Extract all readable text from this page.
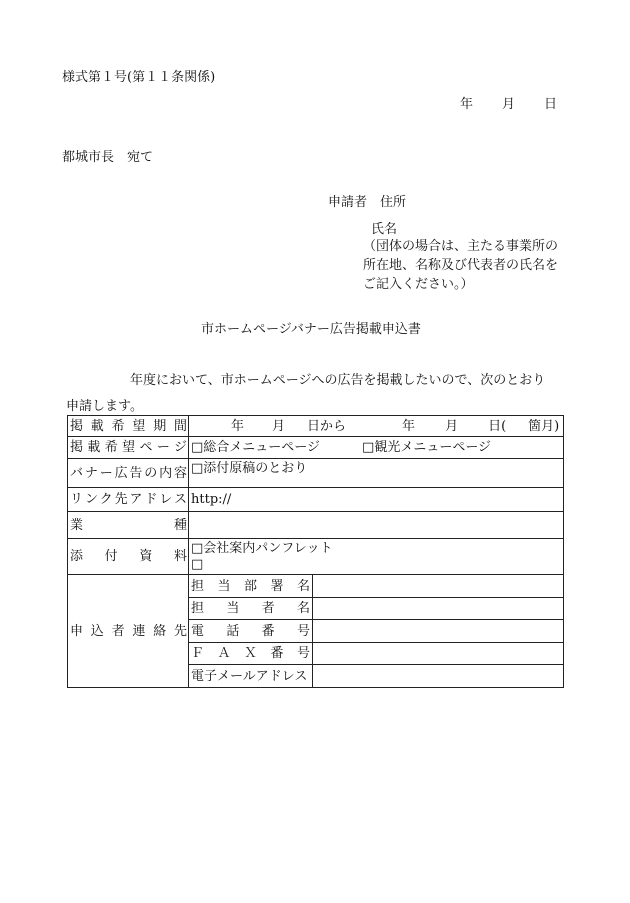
様式第１号(第１１条関係)
年 月 日
都城市長　宛て
申請者　住所
氏名
（団体の場合は、主たる事業所の所在地、名称及び代表者の氏名をご記入ください。）
市ホームページバナー広告掲載申込書
年度において、市ホームページへの広告を掲載したいので、次のとおり申請します。
掲載希望期間	年 月 日から 年 月 日( 箇月)	
掲載希望ページ	□総合メニューページ □観光メニューページ	
バナー広告の内容	□添付原稿のとおり	
リンク先アドレス	http://	
業種		
添付資料	□会社案内パンフレット
□	

申込者連絡先	担当部署名	
	担当者名	
	電話番号	
	ＦＡＸ番号	
	電子メールアドレス	
